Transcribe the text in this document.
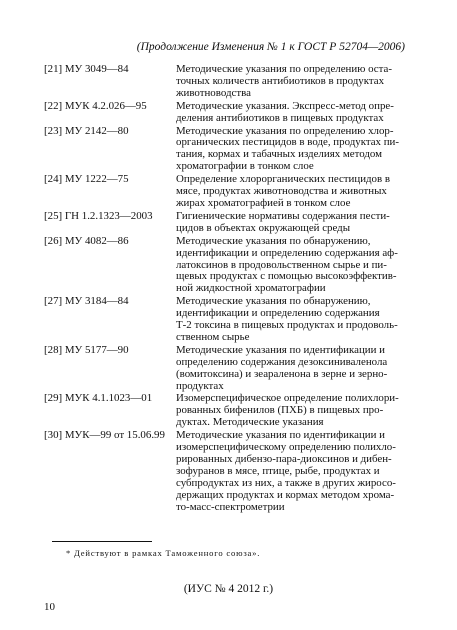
(Продолжение Изменения № 1 к ГОСТ Р 52704—2006)
[21] МУ 3049—84	Методические указания по определению оста-
точных количеств антибиотиков в продуктах
животноводства
[22] МУК 4.2.026—95	Методические указания. Экспресс-метод опре-
деления антибиотиков в пищевых продуктах
[23] МУ 2142—80	Методические указания по определению хлор-
органических пестицидов в воде, продуктах пи-
тания, кормах и табачных изделиях методом
хроматографии в тонком слое
[24] МУ 1222—75	Определение хлорорганических пестицидов в
мясе, продуктах животноводства и животных
жирах хроматографией в тонком слое
[25] ГН 1.2.1323—2003	Гигиенические нормативы содержания пести-
цидов в объектах окружающей среды
[26] МУ 4082—86	Методические указания по обнаружению,
идентификации и определению содержания аф-
латоксинов в продовольственном сырье и пи-
щевых продуктах с помощью высокоэффектив-
ной жидкостной хроматографии
[27] МУ 3184—84	Методические указания по обнаружению,
идентификации и определению содержания
Т-2 токсина в пищевых продуктах и продоволь-
ственном сырье
[28] МУ 5177—90	Методические указания по идентификации и
определению содержания дезоксиниваленола
(вомитоксина) и зеараленона в зерне и зерно-
продуктах
[29] МУК 4.1.1023—01	Изомерспецифическое определение полихлори-
рованных бифенилов (ПХБ) в пищевых про-
дуктах. Методические указания
[30] МУК—99 от 15.06.99	Методические указания по идентификации и
изомерспецифическому определению полихло-
рированных дибензо-пара-диоксинов и дибен-
зофуранов в мясе, птице, рыбе, продуктах и
субпродуктах из них, а также в других жиросо-
держащих продуктах и кормах методом хрома-
то-масс-спектрометрии
* Действуют в рамках Таможенного союза».
(ИУС № 4 2012 г.)
10
